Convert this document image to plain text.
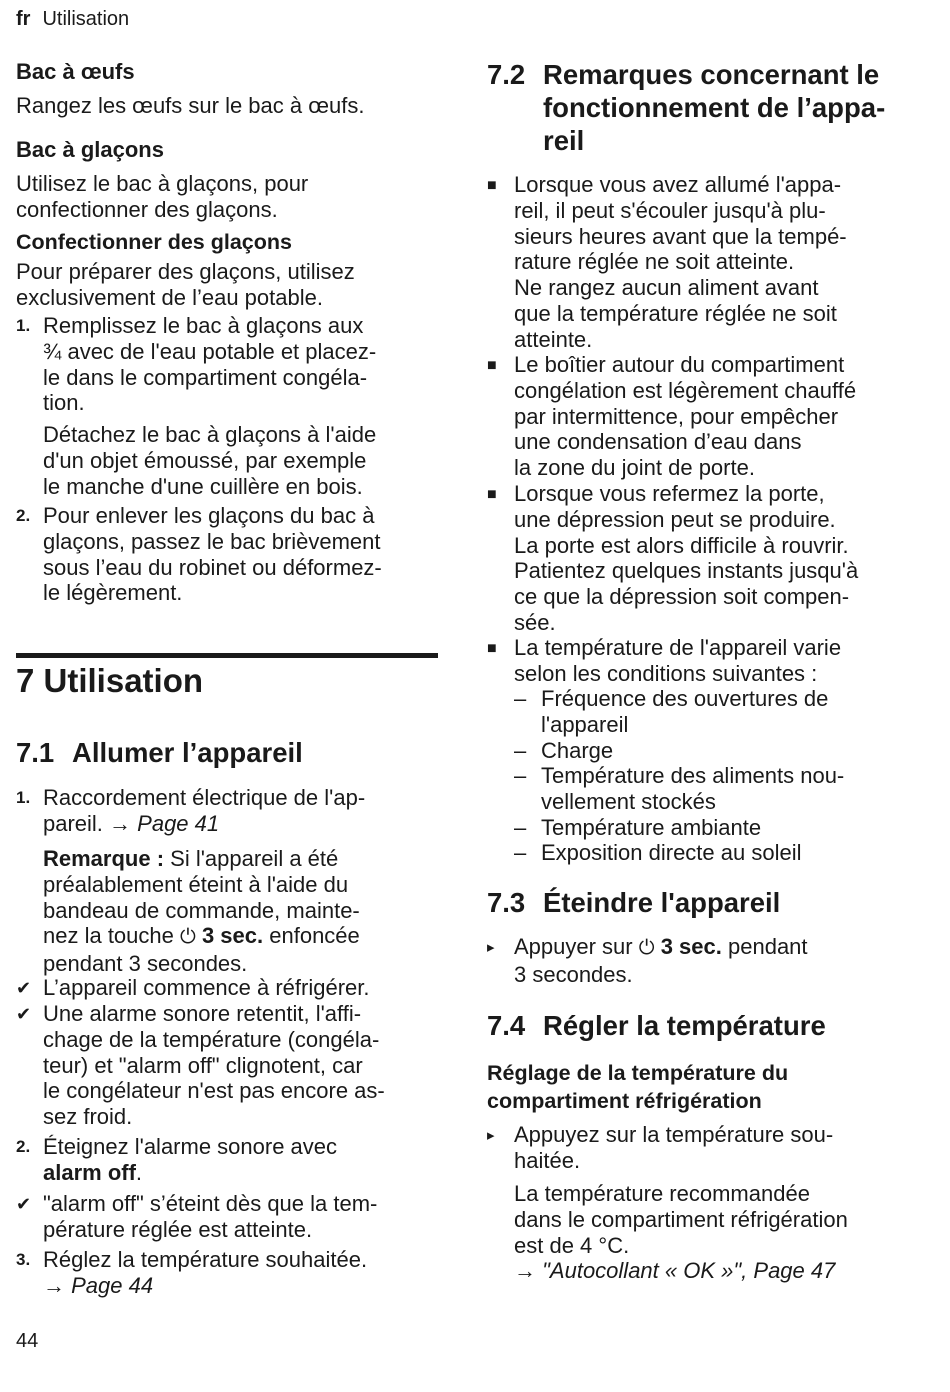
fr Utilisation
Bac à œufs
Rangez les œufs sur le bac à œufs.
Bac à glaçons
Utilisez le bac à glaçons, pour
confectionner des glaçons.
Confectionner des glaçons
Pour préparer des glaçons, utilisez
exclusivement de l’eau potable.
1. Remplissez le bac à glaçons aux
¾ avec de l'eau potable et placez-
le dans le compartiment congéla-
tion.
Détachez le bac à glaçons à l'aide
d'un objet émoussé, par exemple
le manche d'une cuillère en bois.
2. Pour enlever les glaçons du bac à
glaçons, passez le bac brièvement
sous l’eau du robinet ou déformez-
le légèrement.
7 Utilisation
7.1 Allumer l’appareil
1. Raccordement électrique de l'ap-
pareil. → Page 41
Remarque : Si l'appareil a été
préalablement éteint à l'aide du
bandeau de commande, mainte-
nez la touche ⏻ 3 sec. enfoncée
pendant 3 secondes.
✔ L’appareil commence à réfrigérer.
✔ Une alarme sonore retentit, l'affi-
chage de la température (congéla-
teur) et "alarm off" clignotent, car
le congélateur n'est pas encore as-
sez froid.
2. Éteignez l'alarme sonore avec
alarm off.
✔ "alarm off" s’éteint dès que la tem-
pérature réglée est atteinte.
3. Réglez la température souhaitée.
→ Page 44
7.2 Remarques concernant le
fonctionnement de l’appa-
reil
■ Lorsque vous avez allumé l'appa-
reil, il peut s'écouler jusqu'à plu-
sieurs heures avant que la tempé-
rature réglée ne soit atteinte.
Ne rangez aucun aliment avant
que la température réglée ne soit
atteinte.
■ Le boîtier autour du compartiment
congélation est légèrement chauffé
par intermittence, pour empêcher
une condensation d’eau dans
la zone du joint de porte.
■ Lorsque vous refermez la porte,
une dépression peut se produire.
La porte est alors difficile à rouvrir.
Patientez quelques instants jusqu'à
ce que la dépression soit compen-
sée.
■ La température de l'appareil varie
selon les conditions suivantes :
– Fréquence des ouvertures de
l'appareil
– Charge
– Température des aliments nou-
vellement stockés
– Température ambiante
– Exposition directe au soleil
7.3 Éteindre l'appareil
▸ Appuyer sur ⏻ 3 sec. pendant
3 secondes.
7.4 Régler la température
Réglage de la température du
compartiment réfrigération
▸ Appuyez sur la température sou-
haitée.
La température recommandée
dans le compartiment réfrigération
est de 4 °C.
→ "Autocollant « OK »", Page 47
44
